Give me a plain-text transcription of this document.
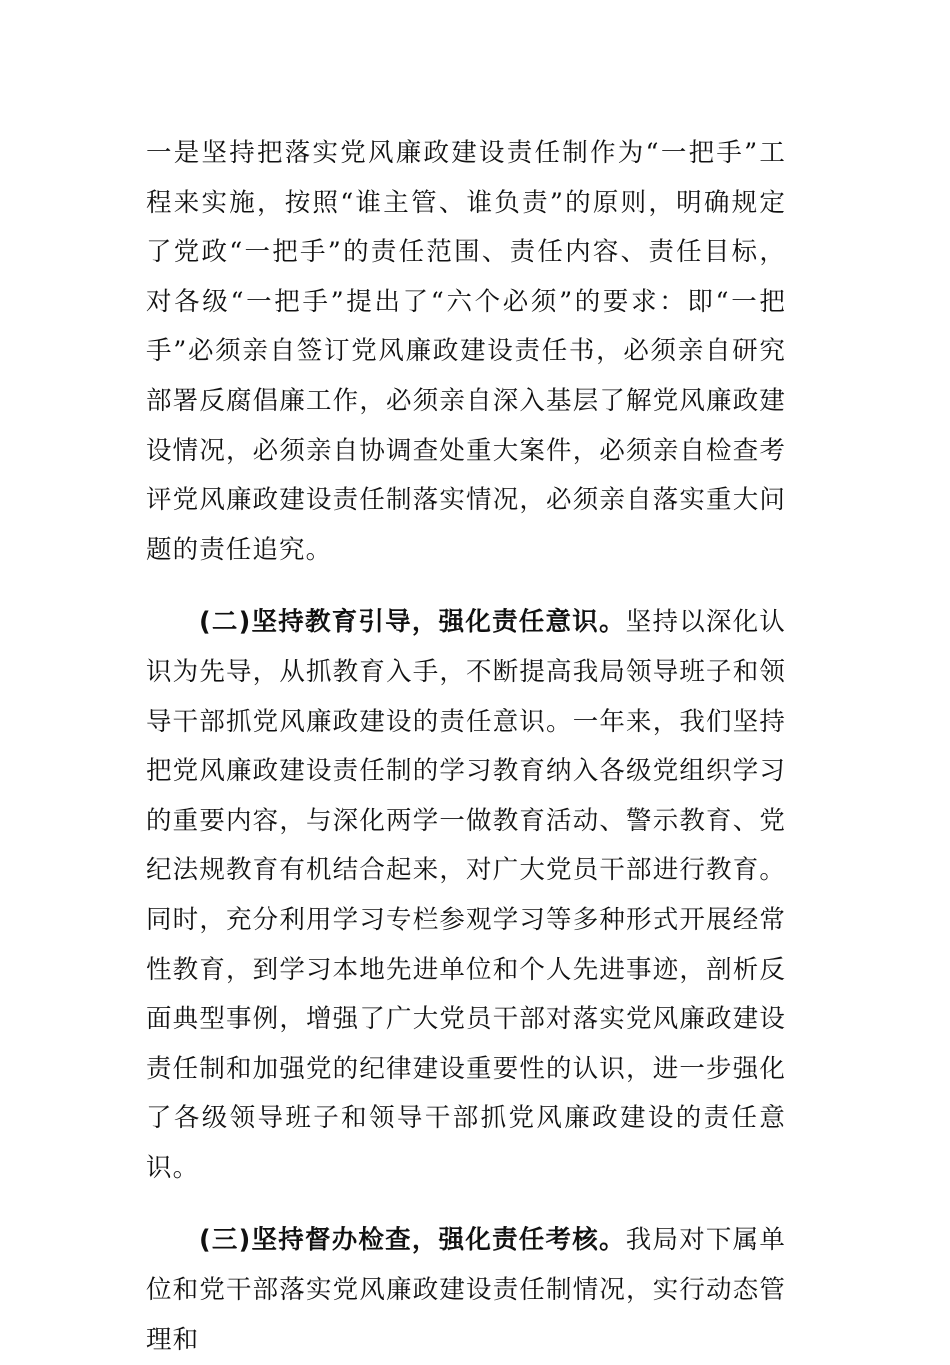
一是坚持把落实党风廉政建设责任制作为“一把手”工程来实施，按照“谁主管、谁负责”的原则，明确规定了党政“一把手”的责任范围、责任内容、责任目标，对各级“一把手”提出了“六个必须”的要求：即“一把手”必须亲自签订党风廉政建设责任书，必须亲自研究部署反腐倡廉工作，必须亲自深入基层了解党风廉政建设情况，必须亲自协调查处重大案件，必须亲自检查考评党风廉政建设责任制落实情况，必须亲自落实重大问题的责任追究。

(二)坚持教育引导，强化责任意识。坚持以深化认识为先导，从抓教育入手，不断提高我局领导班子和领导干部抓党风廉政建设的责任意识。一年来，我们坚持把党风廉政建设责任制的学习教育纳入各级党组织学习的重要内容，与深化两学一做教育活动、警示教育、党纪法规教育有机结合起来，对广大党员干部进行教育。同时，充分利用学习专栏参观学习等多种形式开展经常性教育，到学习本地先进单位和个人先进事迹，剖析反面典型事例，增强了广大党员干部对落实党风廉政建设责任制和加强党的纪律建设重要性的认识，进一步强化了各级领导班子和领导干部抓党风廉政建设的责任意识。

(三)坚持督办检查，强化责任考核。我局对下属单位和党干部落实党风廉政建设责任制情况，实行动态管理和
